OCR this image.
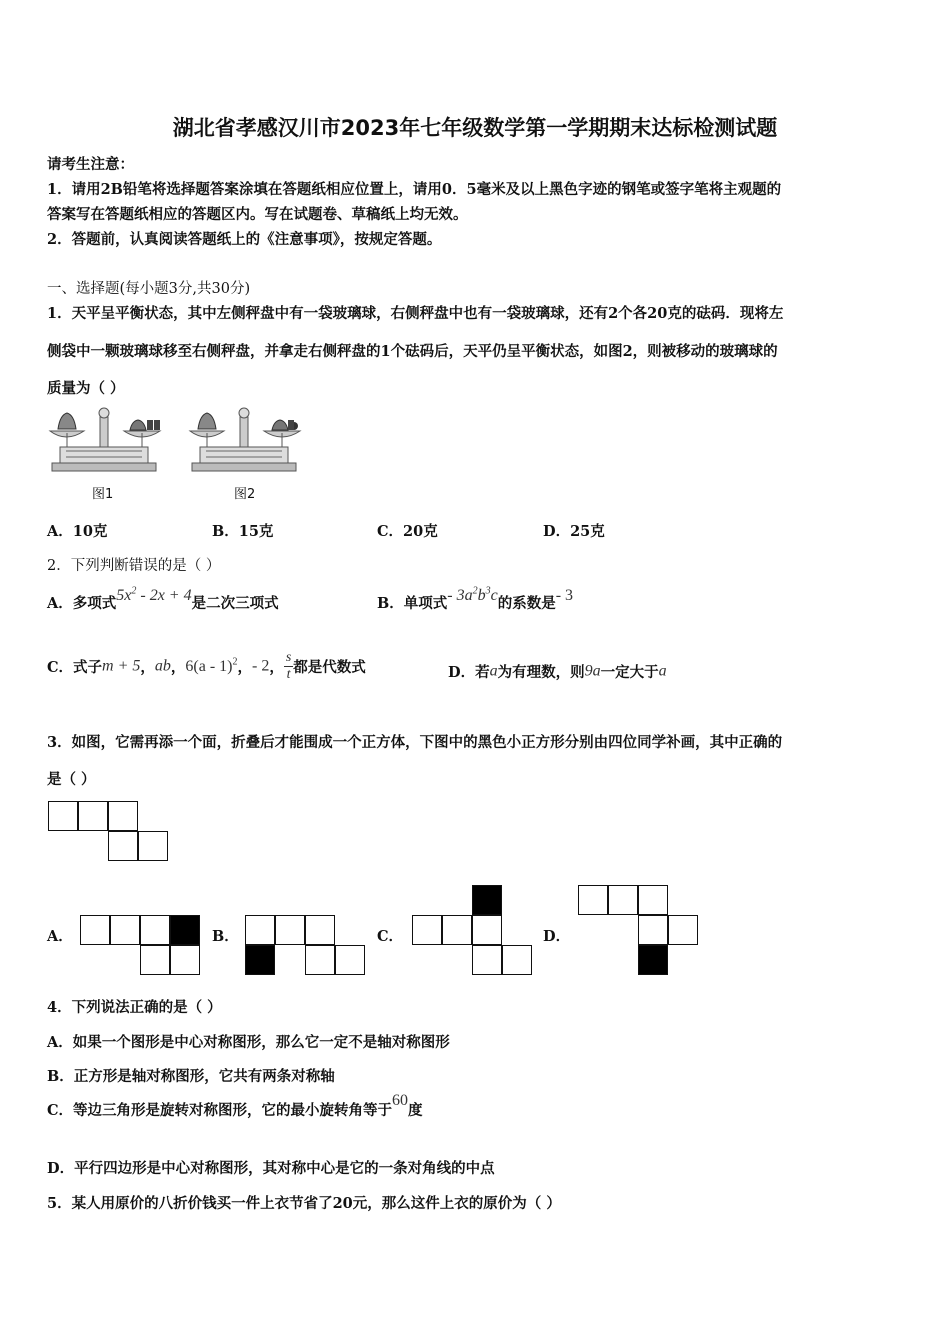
湖北省孝感汉川市2023年七年级数学第一学期期末达标检测试题
请考生注意：
1．请用2B铅笔将选择题答案涂填在答题纸相应位置上，请用0．5毫米及以上黑色字迹的钢笔或签字笔将主观题的
答案写在答题纸相应的答题区内。写在试题卷、草稿纸上均无效。
2．答题前，认真阅读答题纸上的《注意事项》，按规定答题。
一、选择题(每小题3分,共30分)
1．天平呈平衡状态，其中左侧秤盘中有一袋玻璃球，右侧秤盘中也有一袋玻璃球，还有2个各20克的砝码．现将左
侧袋中一颗玻璃球移至右侧秤盘，并拿走右侧秤盘的1个砝码后，天平仍呈平衡状态，如图2，则被移动的玻璃球的
质量为（ ）
图1	图2
A．10克	B．15克	C．20克	D．25克
2．下列判断错误的是（ ）
A．多项式$5x^2 - 2x + 4$是二次三项式	B．单项式- $3a^2b^3c$的系数是- 3
C．式子m + 5，ab，6(a - 1)$^2$，- 2， $\frac{s}{t}$ 都是代数式	D．若a为有理数，则9a一定大于a
3．如图，它需再添一个面，折叠后才能围成一个正方体，下图中的黑色小正方形分别由四位同学补画，其中正确的
是（ ）
A．	B．	C．	D．
4．下列说法正确的是（ ）
A．如果一个图形是中心对称图形，那么它一定不是轴对称图形
B．正方形是轴对称图形，它共有两条对称轴
C．等边三角形是旋转对称图形，它的最小旋转角等于60度
D．平行四边形是中心对称图形，其对称中心是它的一条对角线的中点
5．某人用原价的八折价钱买一件上衣节省了20元，那么这件上衣的原价为（ ）
